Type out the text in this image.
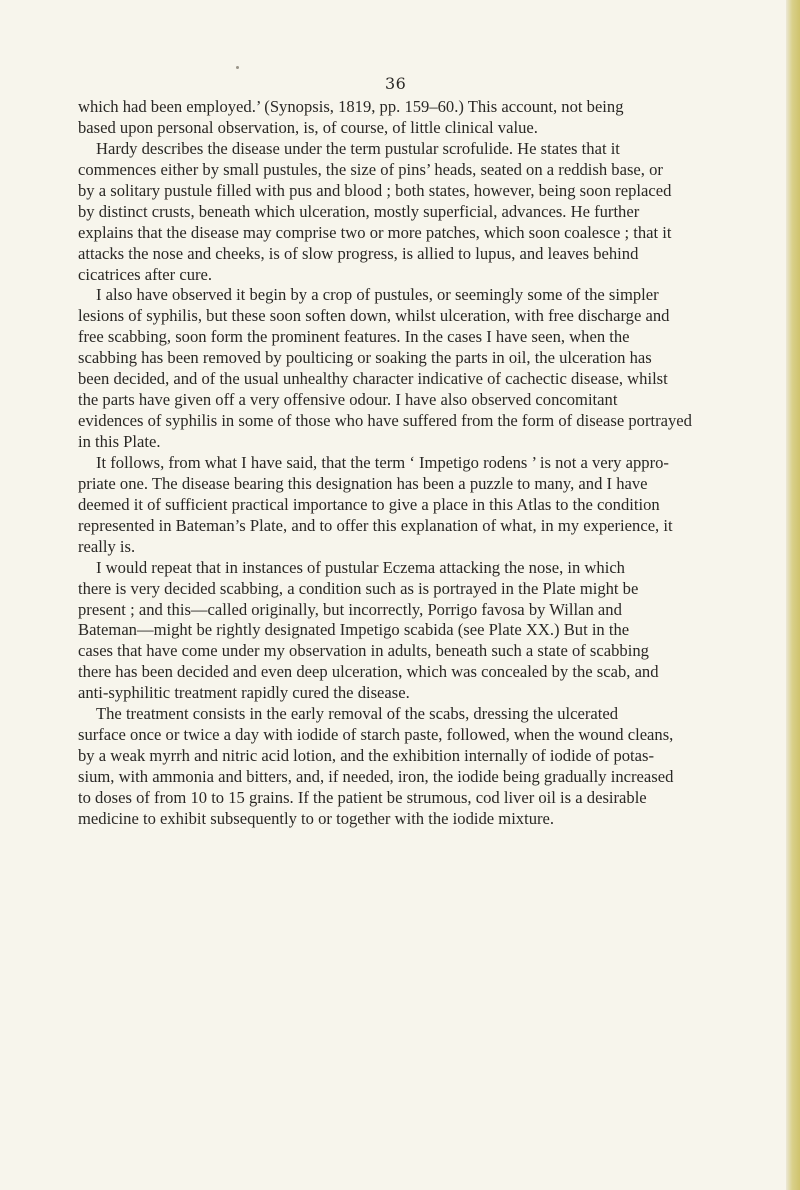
36
which had been employed.’ (Synopsis, 1819, pp. 159–60.) This account, not being
based upon personal observation, is, of course, of little clinical value.
Hardy describes the disease under the term pustular scrofulide. He states that it
commences either by small pustules, the size of pins’ heads, seated on a reddish base, or
by a solitary pustule filled with pus and blood ; both states, however, being soon replaced
by distinct crusts, beneath which ulceration, mostly superficial, advances. He further
explains that the disease may comprise two or more patches, which soon coalesce ; that it
attacks the nose and cheeks, is of slow progress, is allied to lupus, and leaves behind
cicatrices after cure.
I also have observed it begin by a crop of pustules, or seemingly some of the simpler
lesions of syphilis, but these soon soften down, whilst ulceration, with free discharge and
free scabbing, soon form the prominent features. In the cases I have seen, when the
scabbing has been removed by poulticing or soaking the parts in oil, the ulceration has
been decided, and of the usual unhealthy character indicative of cachectic disease, whilst
the parts have given off a very offensive odour. I have also observed concomitant
evidences of syphilis in some of those who have suffered from the form of disease portrayed
in this Plate.
It follows, from what I have said, that the term ‘ Impetigo rodens ’ is not a very appro-
priate one. The disease bearing this designation has been a puzzle to many, and I have
deemed it of sufficient practical importance to give a place in this Atlas to the condition
represented in Bateman’s Plate, and to offer this explanation of what, in my experience, it
really is.
I would repeat that in instances of pustular Eczema attacking the nose, in which
there is very decided scabbing, a condition such as is portrayed in the Plate might be
present ; and this—called originally, but incorrectly, Porrigo favosa by Willan and
Bateman—might be rightly designated Impetigo scabida (see Plate XX.) But in the
cases that have come under my observation in adults, beneath such a state of scabbing
there has been decided and even deep ulceration, which was concealed by the scab, and
anti-syphilitic treatment rapidly cured the disease.
The treatment consists in the early removal of the scabs, dressing the ulcerated
surface once or twice a day with iodide of starch paste, followed, when the wound cleans,
by a weak myrrh and nitric acid lotion, and the exhibition internally of iodide of potas-
sium, with ammonia and bitters, and, if needed, iron, the iodide being gradually increased
to doses of from 10 to 15 grains. If the patient be strumous, cod liver oil is a desirable
medicine to exhibit subsequently to or together with the iodide mixture.
